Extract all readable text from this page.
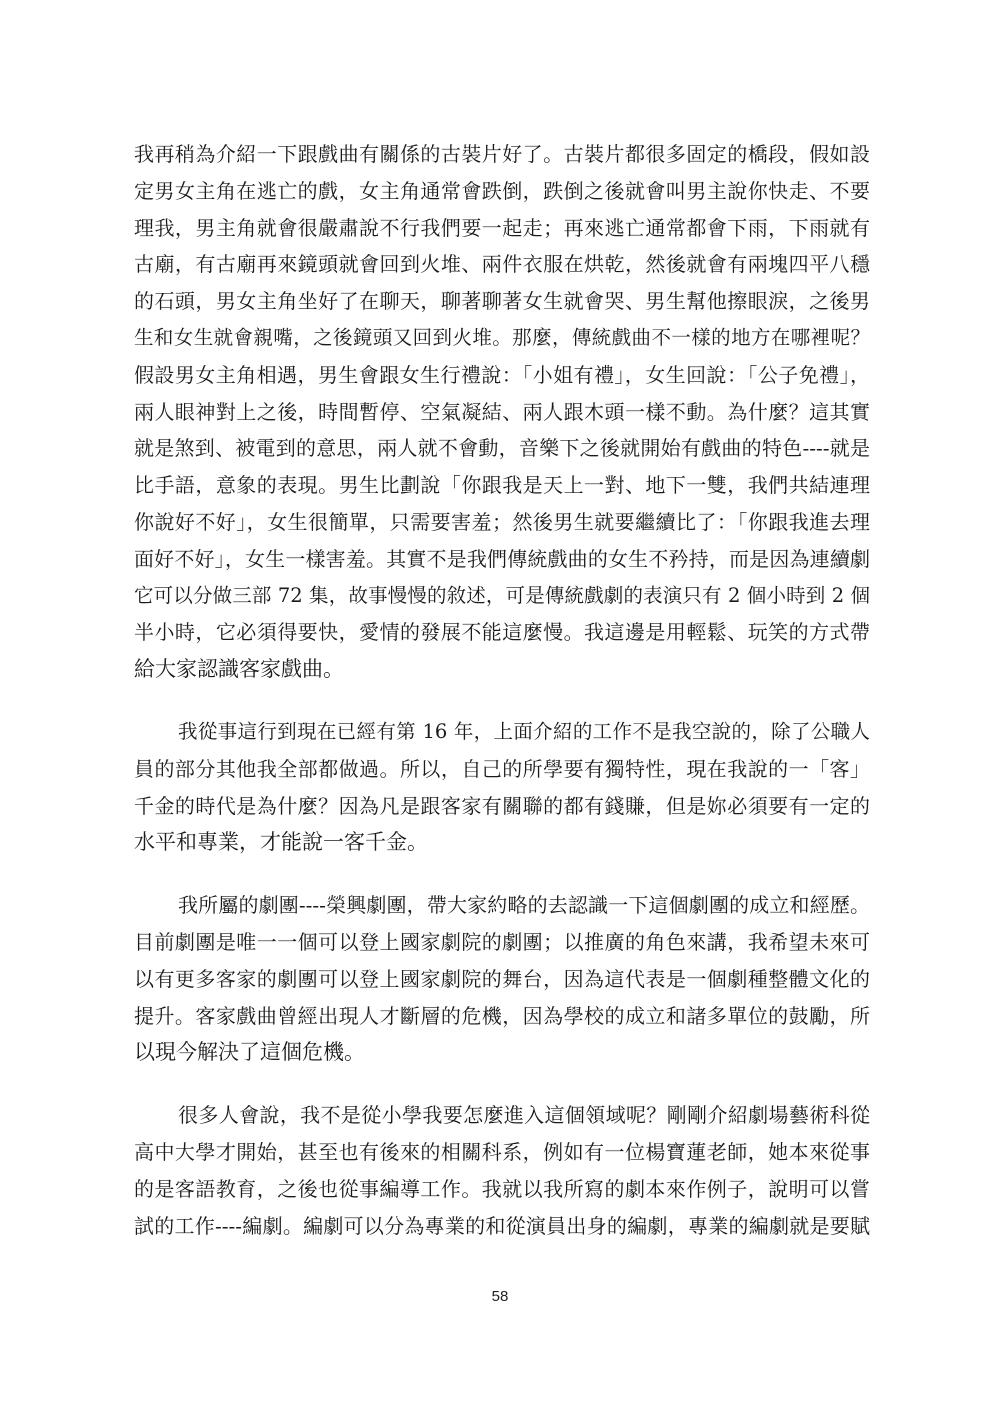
我再稍為介紹一下跟戲曲有關係的古裝片好了。古裝片都很多固定的橋段，假如設
定男女主角在逃亡的戲，女主角通常會跌倒，跌倒之後就會叫男主說你快走、不要
理我，男主角就會很嚴肅說不行我們要一起走；再來逃亡通常都會下雨，下雨就有
古廟，有古廟再來鏡頭就會回到火堆、兩件衣服在烘乾，然後就會有兩塊四平八穩
的石頭，男女主角坐好了在聊天，聊著聊著女生就會哭、男生幫他擦眼淚，之後男
生和女生就會親嘴，之後鏡頭又回到火堆。那麼，傳統戲曲不一樣的地方在哪裡呢？
假設男女主角相遇，男生會跟女生行禮說：「小姐有禮」，女生回說：「公子免禮」，
兩人眼神對上之後，時間暫停、空氣凝結、兩人跟木頭一樣不動。為什麼？這其實
就是煞到、被電到的意思，兩人就不會動，音樂下之後就開始有戲曲的特色----就是
比手語，意象的表現。男生比劃說「你跟我是天上一對、地下一雙，我們共結連理
你說好不好」，女生很簡單，只需要害羞；然後男生就要繼續比了：「你跟我進去理
面好不好」，女生一樣害羞。其實不是我們傳統戲曲的女生不矜持，而是因為連續劇
它可以分做三部 72 集，故事慢慢的敘述，可是傳統戲劇的表演只有 2 個小時到 2 個
半小時，它必須得要快，愛情的發展不能這麼慢。我這邊是用輕鬆、玩笑的方式帶
給大家認識客家戲曲。
我從事這行到現在已經有第 16 年，上面介紹的工作不是我空說的，除了公職人
員的部分其他我全部都做過。所以，自己的所學要有獨特性，現在我說的一「客」
千金的時代是為什麼？因為凡是跟客家有關聯的都有錢賺，但是妳必須要有一定的
水平和專業，才能說一客千金。
我所屬的劇團----榮興劇團，帶大家約略的去認識一下這個劇團的成立和經歷。
目前劇團是唯一一個可以登上國家劇院的劇團；以推廣的角色來講，我希望未來可
以有更多客家的劇團可以登上國家劇院的舞台，因為這代表是一個劇種整體文化的
提升。客家戲曲曾經出現人才斷層的危機，因為學校的成立和諸多單位的鼓勵，所
以現今解決了這個危機。
很多人會說，我不是從小學我要怎麼進入這個領域呢？剛剛介紹劇場藝術科從
高中大學才開始，甚至也有後來的相關科系，例如有一位楊寶蓮老師，她本來從事
的是客語教育，之後也從事編導工作。我就以我所寫的劇本來作例子，說明可以嘗
試的工作----編劇。編劇可以分為專業的和從演員出身的編劇，專業的編劇就是要賦
58
